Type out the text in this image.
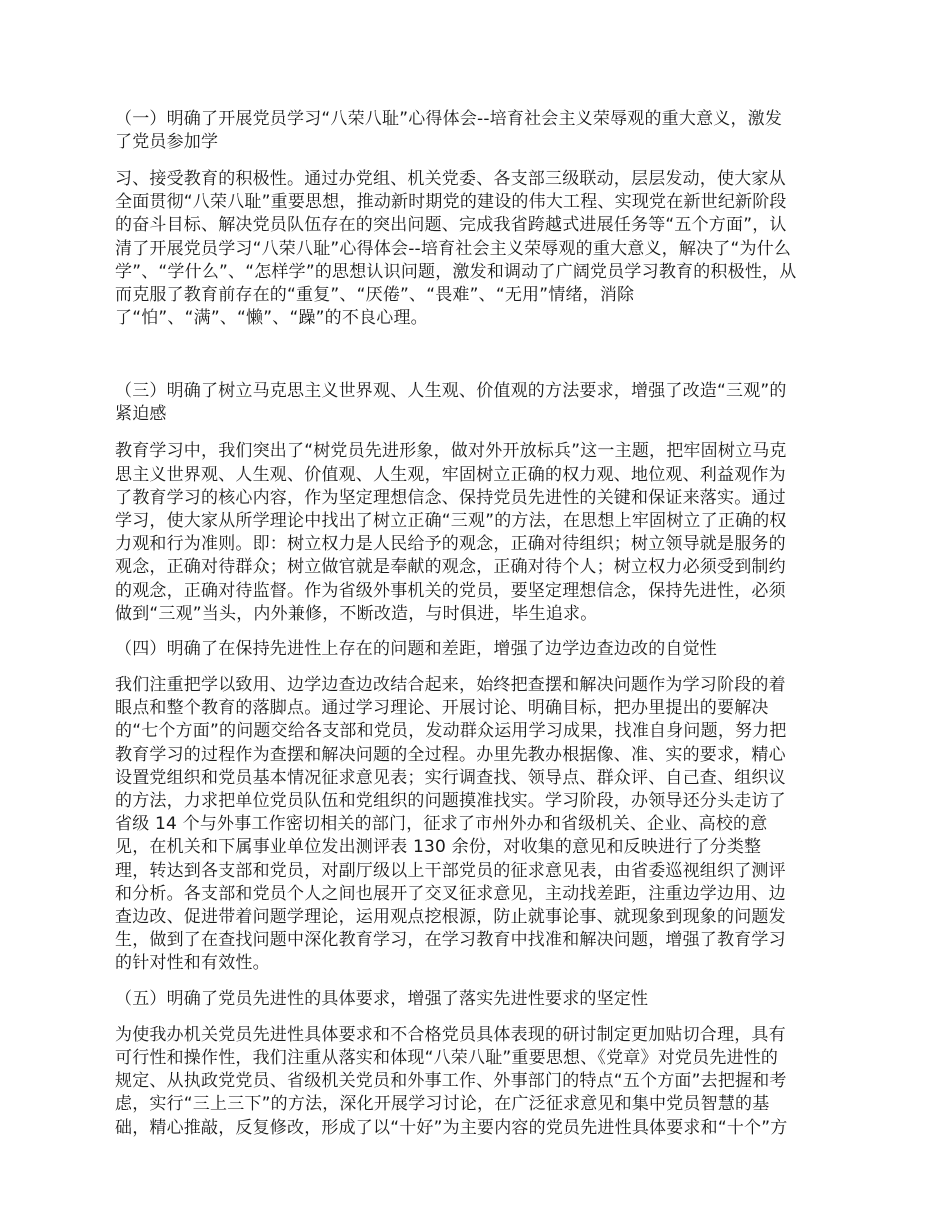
（一）明确了开展党员学习“八荣八耻”心得体会--培育社会主义荣辱观的重大意义，激发
了党员参加学

习、接受教育的积极性。通过办党组、机关党委、各支部三级联动，层层发动，使大家从
全面贯彻“八荣八耻”重要思想，推动新时期党的建设的伟大工程、实现党在新世纪新阶段
的奋斗目标、解决党员队伍存在的突出问题、完成我省跨越式进展任务等“五个方面”，认
清了开展党员学习“八荣八耻”心得体会--培育社会主义荣辱观的重大意义，解决了“为什么
学”、“学什么”、“怎样学”的思想认识问题，激发和调动了广阔党员学习教育的积极性，从
而克服了教育前存在的“重复”、“厌倦”、“畏难”、“无用”情绪，消除
了“怕”、“满”、“懒”、“躁”的不良心理。

（三）明确了树立马克思主义世界观、人生观、价值观的方法要求，增强了改造“三观”的
紧迫感

教育学习中，我们突出了“树党员先进形象，做对外开放标兵”这一主题，把牢固树立马克
思主义世界观、人生观、价值观、人生观，牢固树立正确的权力观、地位观、利益观作为
了教育学习的核心内容，作为坚定理想信念、保持党员先进性的关键和保证来落实。通过
学习，使大家从所学理论中找出了树立正确“三观”的方法，在思想上牢固树立了正确的权
力观和行为准则。即：树立权力是人民给予的观念，正确对待组织；树立领导就是服务的
观念，正确对待群众；树立做官就是奉献的观念，正确对待个人；树立权力必须受到制约
的观念，正确对待监督。作为省级外事机关的党员，要坚定理想信念，保持先进性，必须
做到“三观”当头，内外兼修，不断改造，与时俱进，毕生追求。

（四）明确了在保持先进性上存在的问题和差距，增强了边学边查边改的自觉性

我们注重把学以致用、边学边查边改结合起来，始终把查摆和解决问题作为学习阶段的着
眼点和整个教育的落脚点。通过学习理论、开展讨论、明确目标，把办里提出的要解决
的“七个方面”的问题交给各支部和党员，发动群众运用学习成果，找准自身问题，努力把
教育学习的过程作为查摆和解决问题的全过程。办里先教办根据像、准、实的要求，精心
设置党组织和党员基本情况征求意见表；实行调查找、领导点、群众评、自己查、组织议
的方法，力求把单位党员队伍和党组织的问题摸准找实。学习阶段，办领导还分头走访了
省级 14 个与外事工作密切相关的部门，征求了市州外办和省级机关、企业、高校的意
见，在机关和下属事业单位发出测评表 130 余份，对收集的意见和反映进行了分类整
理，转达到各支部和党员，对副厅级以上干部党员的征求意见表，由省委巡视组织了测评
和分析。各支部和党员个人之间也展开了交叉征求意见，主动找差距，注重边学边用、边
查边改、促进带着问题学理论，运用观点挖根源，防止就事论事、就现象到现象的问题发
生，做到了在查找问题中深化教育学习，在学习教育中找准和解决问题，增强了教育学习
的针对性和有效性。

（五）明确了党员先进性的具体要求，增强了落实先进性要求的坚定性

为使我办机关党员先进性具体要求和不合格党员具体表现的研讨制定更加贴切合理，具有
可行性和操作性，我们注重从落实和体现“八荣八耻”重要思想、《党章》对党员先进性的
规定、从执政党党员、省级机关党员和外事工作、外事部门的特点“五个方面”去把握和考
虑，实行“三上三下”的方法，深化开展学习讨论，在广泛征求意见和集中党员智慧的基
础，精心推敲，反复修改，形成了以“十好”为主要内容的党员先进性具体要求和“十个”方
